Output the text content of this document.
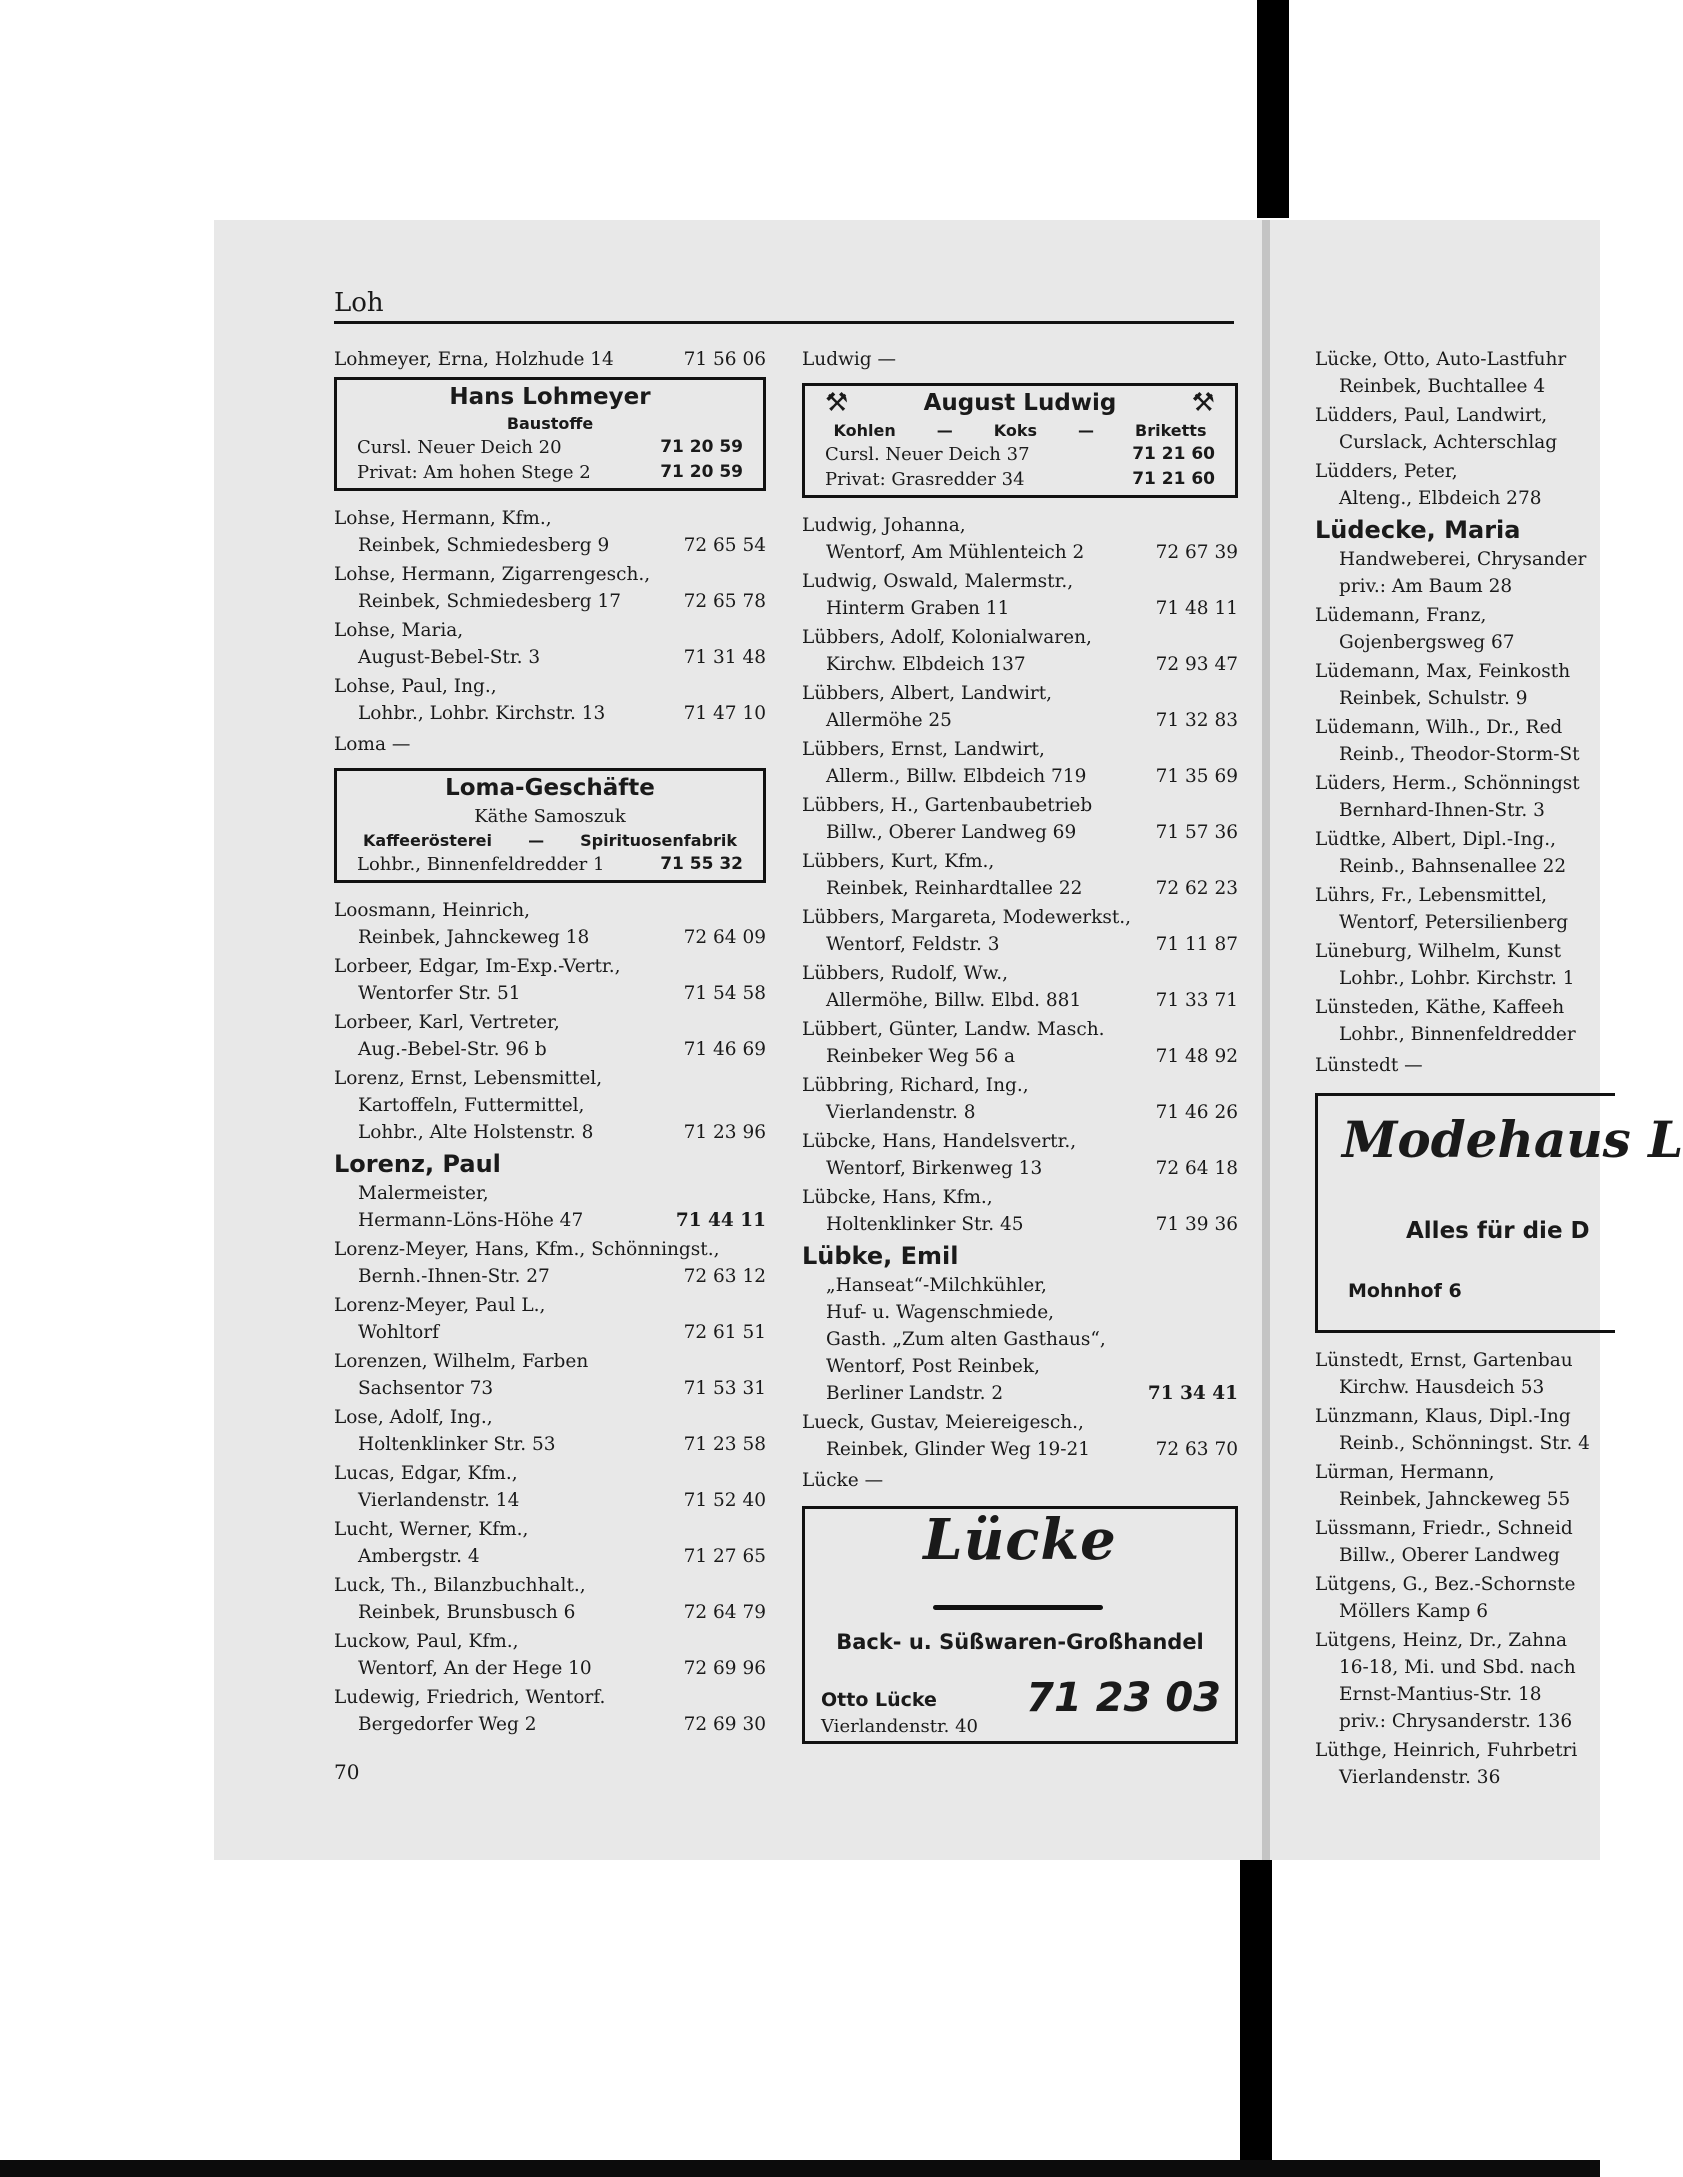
Loh
Lohmeyer, Erna, Holzhude 14	71 56 06
Hans Lohmeyer
Baustoffe
Cursl. Neuer Deich 20	71 20 59
Privat: Am hohen Stege 2	71 20 59
Lohse, Hermann, Kfm.,
Reinbek, Schmiedesberg 9	72 65 54
Lohse, Hermann, Zigarrengesch.,
Reinbek, Schmiedesberg 17	72 65 78
Lohse, Maria,
August-Bebel-Str. 3	71 31 48
Lohse, Paul, Ing.,
Lohbr., Lohbr. Kirchstr. 13	71 47 10
Loma —
Loma-Geschäfte
Käthe Samoszuk
Kaffeerösterei — Spirituosenfabrik
Lohbr., Binnenfeldredder 1	71 55 32
Loosmann, Heinrich,
Reinbek, Jahnckeweg 18	72 64 09
Lorbeer, Edgar, Im-Exp.-Vertr.,
Wentorfer Str. 51	71 54 58
Lorbeer, Karl, Vertreter,
Aug.-Bebel-Str. 96 b	71 46 69
Lorenz, Ernst, Lebensmittel,
Kartoffeln, Futtermittel,
Lohbr., Alte Holstenstr. 8	71 23 96
Lorenz, Paul
Malermeister,
Hermann-Löns-Höhe 47	71 44 11
Lorenz-Meyer, Hans, Kfm., Schönningst.,
Bernh.-Ihnen-Str. 27	72 63 12
Lorenz-Meyer, Paul L.,
Wohltorf	72 61 51
Lorenzen, Wilhelm, Farben
Sachsentor 73	71 53 31
Lose, Adolf, Ing.,
Holtenklinker Str. 53	71 23 58
Lucas, Edgar, Kfm.,
Vierlandenstr. 14	71 52 40
Lucht, Werner, Kfm.,
Ambergstr. 4	71 27 65
Luck, Th., Bilanzbuchhalt.,
Reinbek, Brunsbusch 6	72 64 79
Luckow, Paul, Kfm.,
Wentorf, An der Hege 10	72 69 96
Ludewig, Friedrich, Wentorf.
Bergedorfer Weg 2	72 69 30
Ludwig —
⚒	August Ludwig	⚒
Kohlen	—	Koks	—	Briketts
Cursl. Neuer Deich 37	71 21 60
Privat: Grasredder 34	71 21 60
Ludwig, Johanna,
Wentorf, Am Mühlenteich 2	72 67 39
Ludwig, Oswald, Malermstr.,
Hinterm Graben 11	71 48 11
Lübbers, Adolf, Kolonialwaren,
Kirchw. Elbdeich 137	72 93 47
Lübbers, Albert, Landwirt,
Allermöhe 25	71 32 83
Lübbers, Ernst, Landwirt,
Allerm., Billw. Elbdeich 719	71 35 69
Lübbers, H., Gartenbaubetrieb
Billw., Oberer Landweg 69	71 57 36
Lübbers, Kurt, Kfm.,
Reinbek, Reinhardtallee 22	72 62 23
Lübbers, Margareta, Modewerkst.,
Wentorf, Feldstr. 3	71 11 87
Lübbers, Rudolf, Ww.,
Allermöhe, Billw. Elbd. 881	71 33 71
Lübbert, Günter, Landw. Masch.
Reinbeker Weg 56 a	71 48 92
Lübbring, Richard, Ing.,
Vierlandenstr. 8	71 46 26
Lübcke, Hans, Handelsvertr.,
Wentorf, Birkenweg 13	72 64 18
Lübcke, Hans, Kfm.,
Holtenklinker Str. 45	71 39 36
Lübke, Emil
„Hanseat“-Milchkühler,
Huf- u. Wagenschmiede,
Gasth. „Zum alten Gasthaus“,
Wentorf, Post Reinbek,
Berliner Landstr. 2	71 34 41
Lueck, Gustav, Meiereigesch.,
Reinbek, Glinder Weg 19-21	72 63 70
Lücke —
Lücke
Back- u. Süßwaren-Großhandel
Otto Lücke
Vierlandenstr. 40
71 23 03
Lücke, Otto, Auto-Lastfuhr
Reinbek, Buchtallee 4
Lüdders, Paul, Landwirt,
Curslack, Achterschlag
Lüdders, Peter,
Alteng., Elbdeich 278
Lüdecke, Maria
Handweberei, Chrysander
priv.: Am Baum 28
Lüdemann, Franz,
Gojenbergsweg 67
Lüdemann, Max, Feinkosth
Reinbek, Schulstr. 9
Lüdemann, Wilh., Dr., Red
Reinb., Theodor-Storm-St
Lüders, Herm., Schönningst
Bernhard-Ihnen-Str. 3
Lüdtke, Albert, Dipl.-Ing.,
Reinb., Bahnsenallee 22
Lührs, Fr., Lebensmittel,
Wentorf, Petersilienberg
Lüneburg, Wilhelm, Kunst
Lohbr., Lohbr. Kirchstr. 1
Lünsteden, Käthe, Kaffeeh
Lohbr., Binnenfeldredder
Lünstedt —
Modehaus L
Alles für die D
Mohnhof 6
Lünstedt, Ernst, Gartenbau
Kirchw. Hausdeich 53
Lünzmann, Klaus, Dipl.-Ing
Reinb., Schönningst. Str. 4
Lürman, Hermann,
Reinbek, Jahnckeweg 55
Lüssmann, Friedr., Schneid
Billw., Oberer Landweg
Lütgens, G., Bez.-Schornste
Möllers Kamp 6
Lütgens, Heinz, Dr., Zahna
16-18, Mi. und Sbd. nach
Ernst-Mantius-Str. 18
priv.: Chrysanderstr. 136
Lüthge, Heinrich, Fuhrbetri
Vierlandenstr. 36
70
